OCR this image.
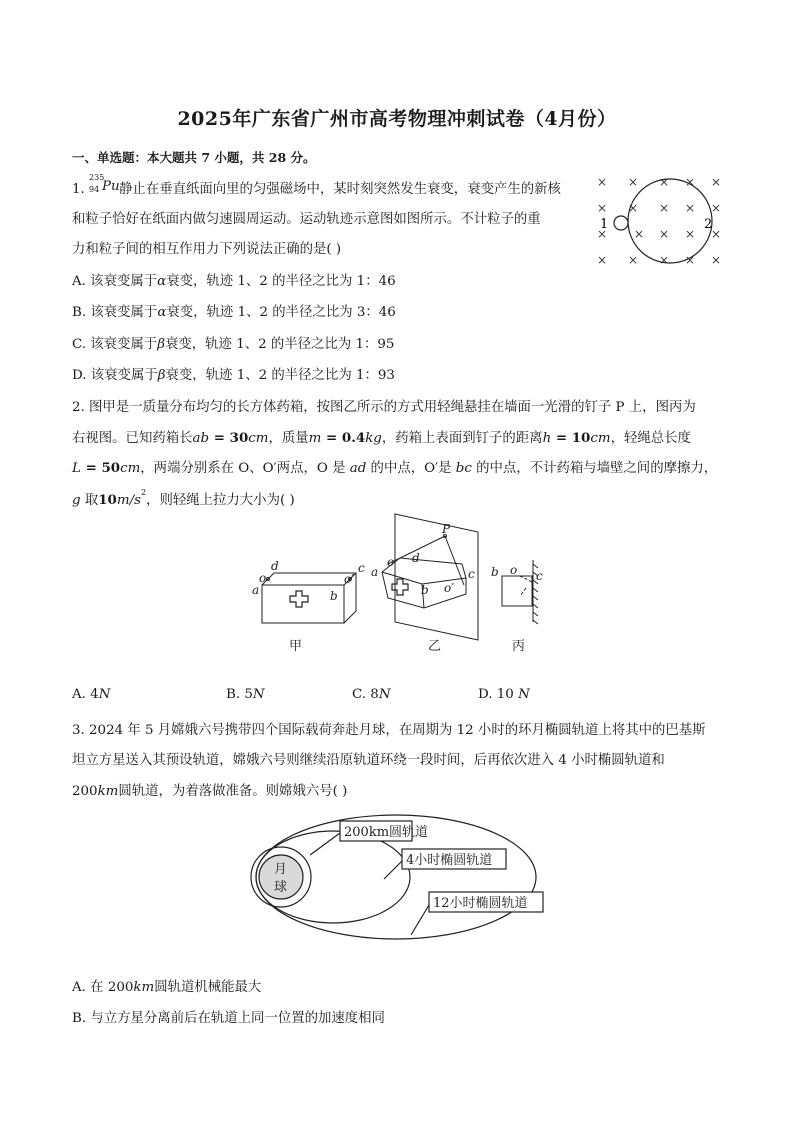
2025年广东省广州市高考物理冲刺试卷（4月份）
一、单选题：本大题共 7 小题，共 28 分。
1.
235
94 Pu 静止在垂直纸面向里的匀强磁场中，某时刻突然发生衰变，衰变产生的新核
和粒子恰好在纸面内做匀速圆周运动。运动轨迹示意图如图所示。不计粒子的重
力和粒子间的相互作用力下列说法正确的是( )
A. 该衰变属于α衰变，轨迹 1、2 的半径之比为 1：46
B. 该衰变属于α衰变，轨迹 1、2 的半径之比为 3：46
C. 该衰变属于β衰变，轨迹 1、2 的半径之比为 1：95
D. 该衰变属于β衰变，轨迹 1、2 的半径之比为 1：93
× × × × ×
× × × × ×
× × × × ×
× × × × ×
1	2
2. 图甲是一质量分布均匀的长方体药箱，按图乙所示的方式用轻绳悬挂在墙面一光滑的钉子 P 上，图丙为
右视图。已知药箱长ab = 30cm，质量m = 0.4kg，药箱上表面到钉子的距离h = 10cm，轻绳总长度
L = 50cm，两端分别系在 O、O′两点，O 是 ad 的中点，O′是 bc 的中点，不计药箱与墙壁之间的摩擦力，
g 取$10m/s^2$，则轻绳上拉力大小为( )
d
o
a
c
o′
b
甲
P
o d
a	c
o′
b
乙
b o c
丙
A. 4N	B. 5N	C. 8N	D. 10 N
3. 2024 年 5 月嫦娥六号携带四个国际载荷奔赴月球，在周期为 12 小时的环月椭圆轨道上将其中的巴基斯
坦立方星送入其预设轨道，嫦娥六号则继续沿原轨道环绕一段时间，后再依次进入 4 小时椭圆轨道和
200km圆轨道，为着落做准备。则嫦娥六号( )
月
球
200km圆轨道
4小时椭圆轨道
12小时椭圆轨道
A. 在 200km圆轨道机械能最大
B. 与立方星分离前后在轨道上同一位置的加速度相同
